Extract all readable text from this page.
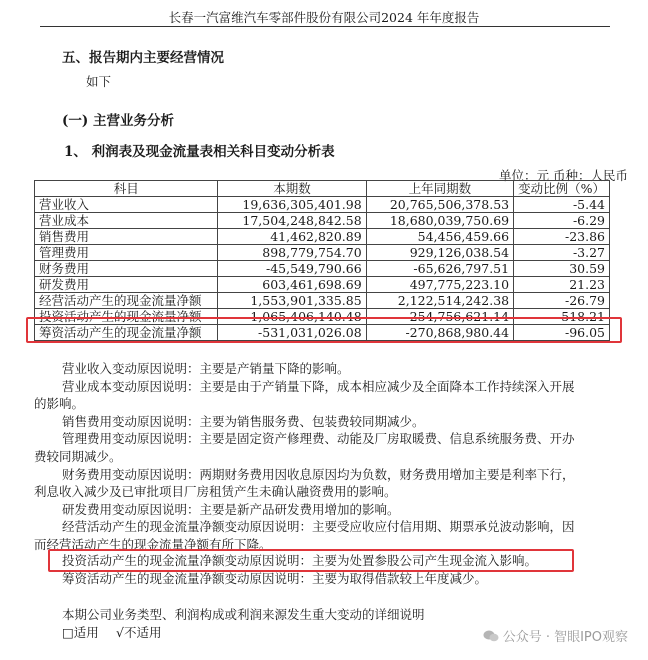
长春一汽富维汽车零部件股份有限公司2024 年年度报告
五、报告期内主要经营情况
如下
(一) 主营业务分析
1、 利润表及现金流量表相关科目变动分析表
单位：元 币种：人民币
科目	本期数	上年同期数	变动比例（%）
营业收入	19,636,305,401.98	20,765,506,378.53	-5.44
营业成本	17,504,248,842.58	18,680,039,750.69	-6.29
销售费用	41,462,820.89	54,456,459.66	-23.86
管理费用	898,779,754.70	929,126,038.54	-3.27
财务费用	-45,549,790.66	-65,626,797.51	30.59
研发费用	603,461,698.69	497,775,223.10	21.23
经营活动产生的现金流量净额	1,553,901,335.85	2,122,514,242.38	-26.79
投资活动产生的现金流量净额	1,065,406,140.48	-254,756,621.14	518.21
筹资活动产生的现金流量净额	-531,031,026.08	-270,868,980.44	-96.05
营业收入变动原因说明：主要是产销量下降的影响。
营业成本变动原因说明：主要是由于产销量下降，成本相应减少及全面降本工作持续深入开展
的影响。
销售费用变动原因说明：主要为销售服务费、包装费较同期减少。
管理费用变动原因说明：主要是固定资产修理费、动能及厂房取暖费、信息系统服务费、开办
费较同期减少。
财务费用变动原因说明：两期财务费用因收息原因均为负数，财务费用增加主要是利率下行，
利息收入减少及已审批项目厂房租赁产生未确认融资费用的影响。
研发费用变动原因说明：主要是新产品研发费用增加的影响。
经营活动产生的现金流量净额变动原因说明：主要受应收应付信用期、期票承兑波动影响，因
而经营活动产生的现金流量净额有所下降。
投资活动产生的现金流量净额变动原因说明：主要为处置参股公司产生现金流入影响。
筹资活动产生的现金流量净额变动原因说明：主要为取得借款较上年度减少。
本期公司业务类型、利润构成或利润来源发生重大变动的详细说明
□适用 √不适用	公众号 · 智眼IPO观察
